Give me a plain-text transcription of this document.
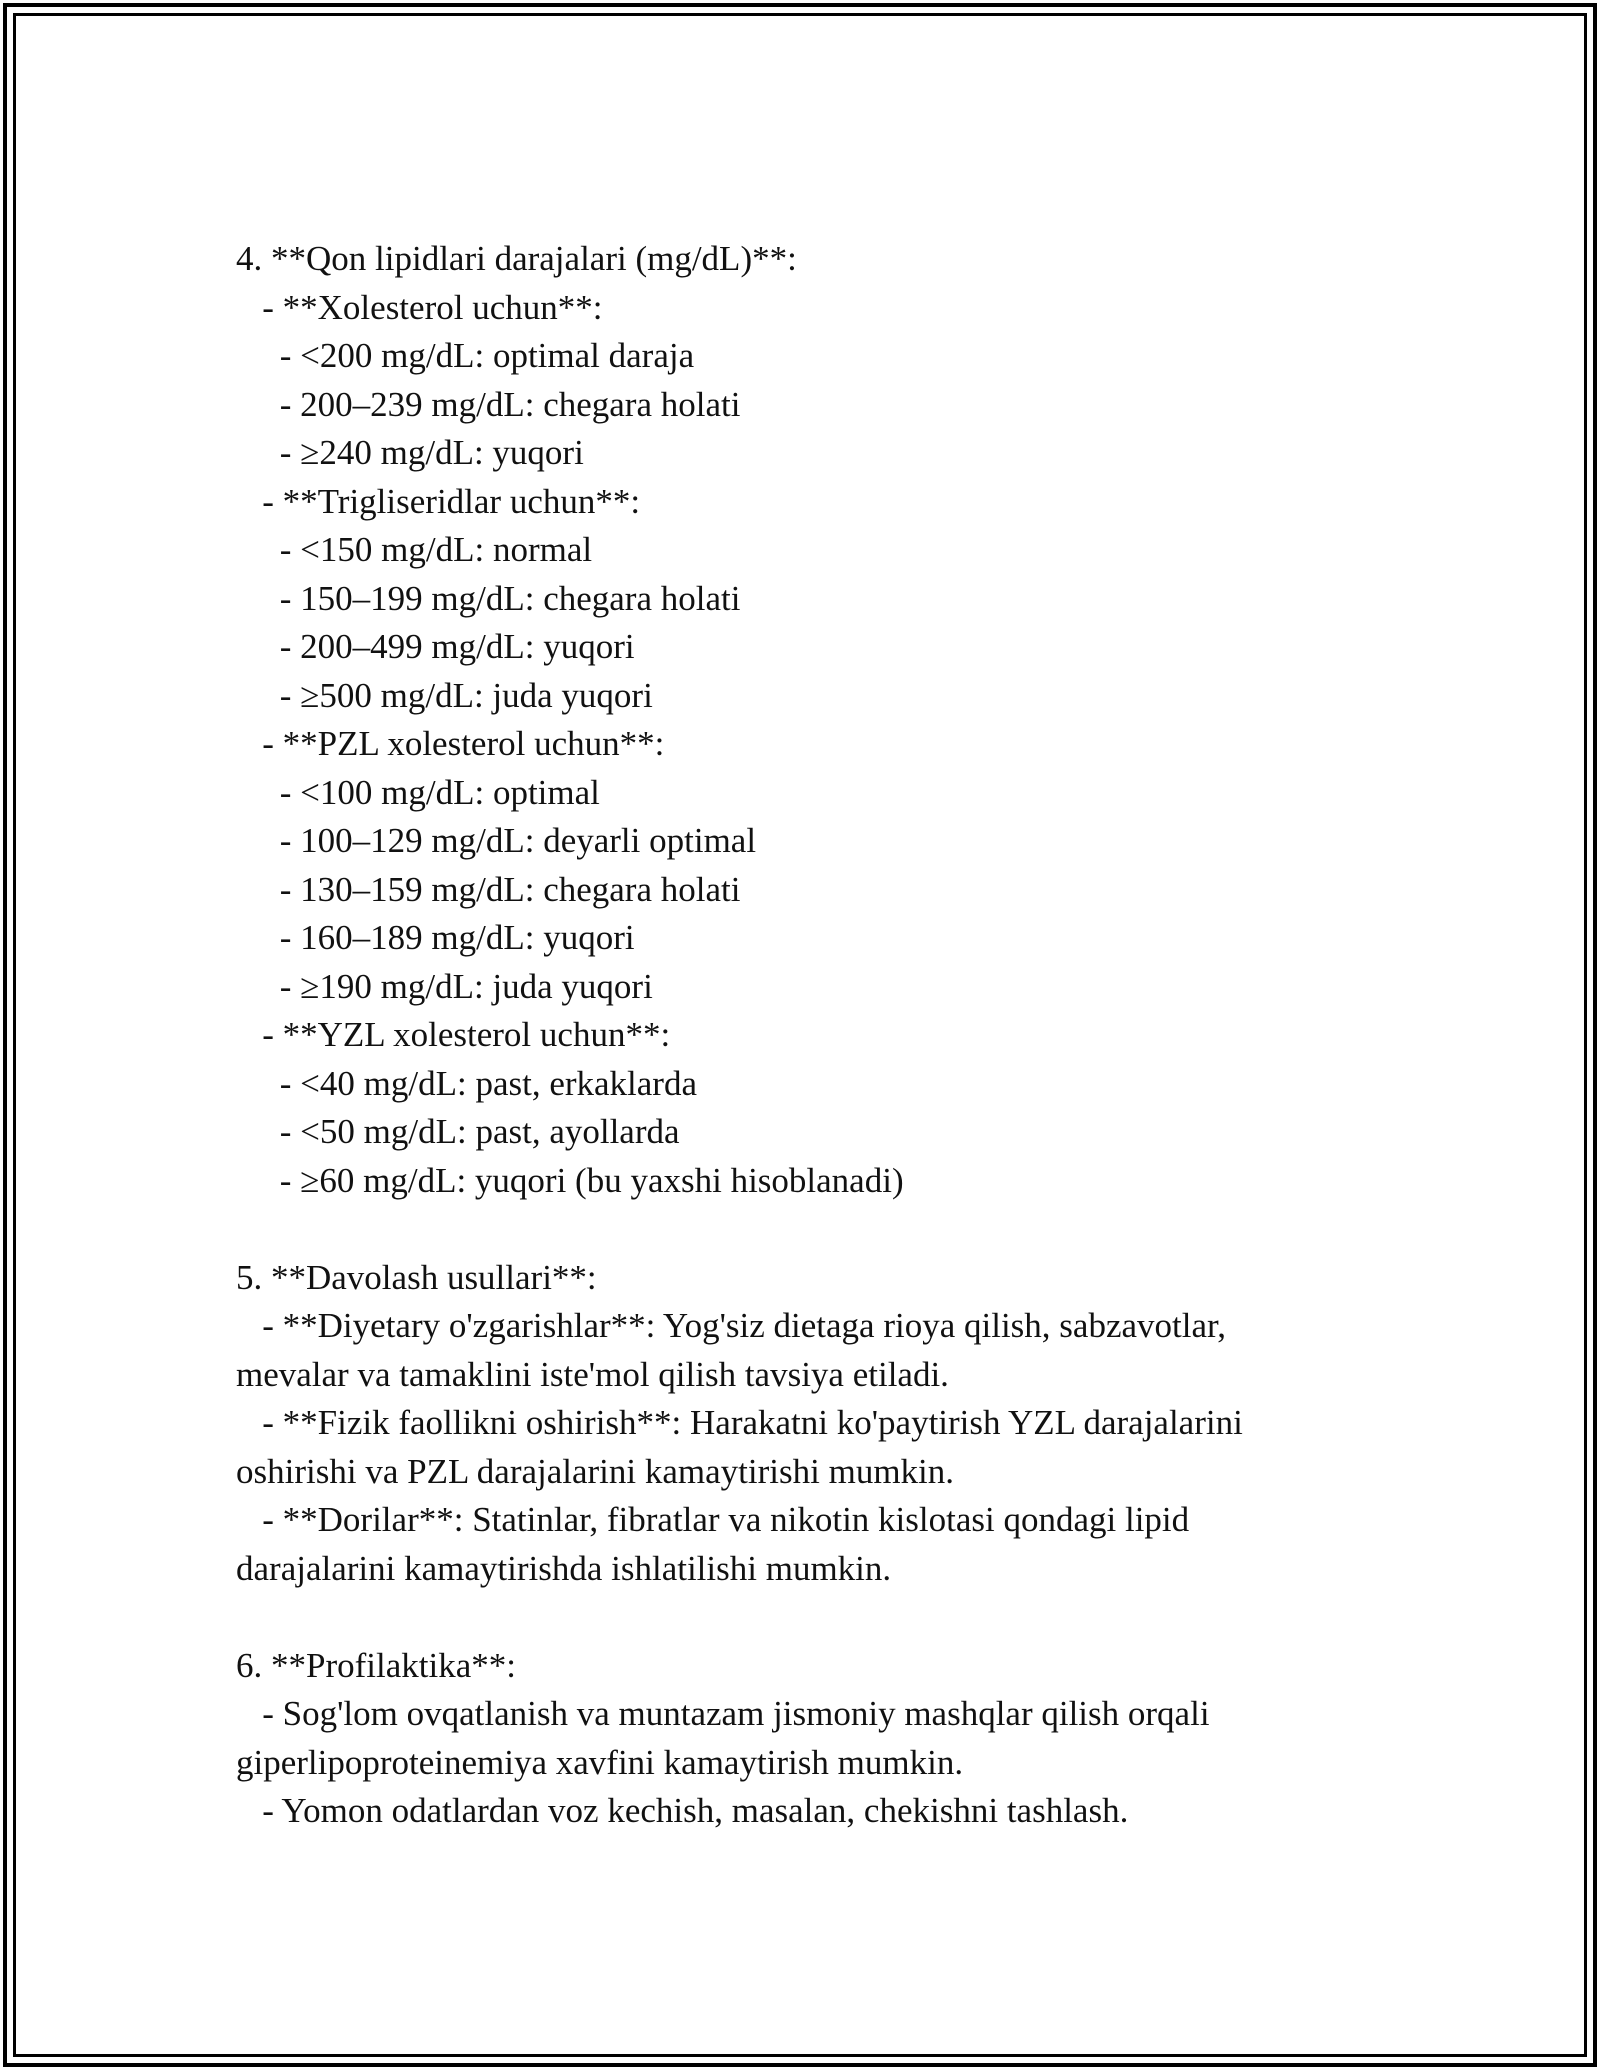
4. **Qon lipidlari darajalari (mg/dL)**:

- **Xolesterol uchun**:

- <200 mg/dL: optimal daraja

- 200–239 mg/dL: chegara holati

- ≥240 mg/dL: yuqori

- **Trigliseridlar uchun**:

- <150 mg/dL: normal

- 150–199 mg/dL: chegara holati

- 200–499 mg/dL: yuqori

- ≥500 mg/dL: juda yuqori

- **PZL xolesterol uchun**:

- <100 mg/dL: optimal

- 100–129 mg/dL: deyarli optimal

- 130–159 mg/dL: chegara holati

- 160–189 mg/dL: yuqori

- ≥190 mg/dL: juda yuqori

- **YZL xolesterol uchun**:

- <40 mg/dL: past, erkaklarda

- <50 mg/dL: past, ayollarda

- ≥60 mg/dL: yuqori (bu yaxshi hisoblanadi)

5. **Davolash usullari**:

- **Diyetary o'zgarishlar**: Yog'siz dietaga rioya qilish, sabzavotlar,

mevalar va tamaklini iste'mol qilish tavsiya etiladi.

- **Fizik faollikni oshirish**: Harakatni ko'paytirish YZL darajalarini

oshirishi va PZL darajalarini kamaytirishi mumkin.

- **Dorilar**: Statinlar, fibratlar va nikotin kislotasi qondagi lipid

darajalarini kamaytirishda ishlatilishi mumkin.

6. **Profilaktika**:

- Sog'lom ovqatlanish va muntazam jismoniy mashqlar qilish orqali

giperlipoproteinemiya xavfini kamaytirish mumkin.

- Yomon odatlardan voz kechish, masalan, chekishni tashlash.
